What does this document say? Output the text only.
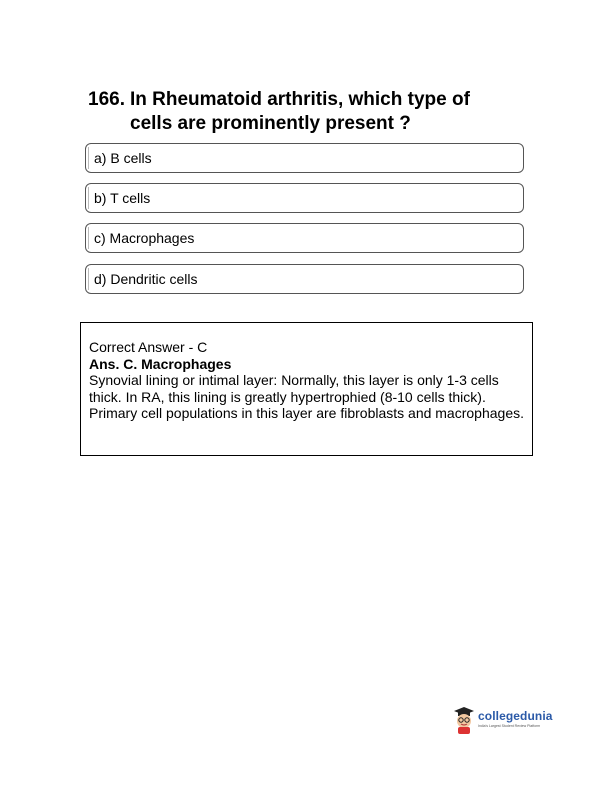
166. In Rheumatoid arthritis, which type of
cells are prominently present ?
a) B cells
b) T cells
c) Macrophages
d) Dendritic cells
Correct Answer - C
Ans. C. Macrophages
Synovial lining or intimal layer: Normally, this layer is only 1-3 cells thick. In RA, this lining is greatly hypertrophied (8-10 cells thick). Primary cell populations in this layer are fibroblasts and macrophages.
collegedunia
India's Largest Student Review Platform
